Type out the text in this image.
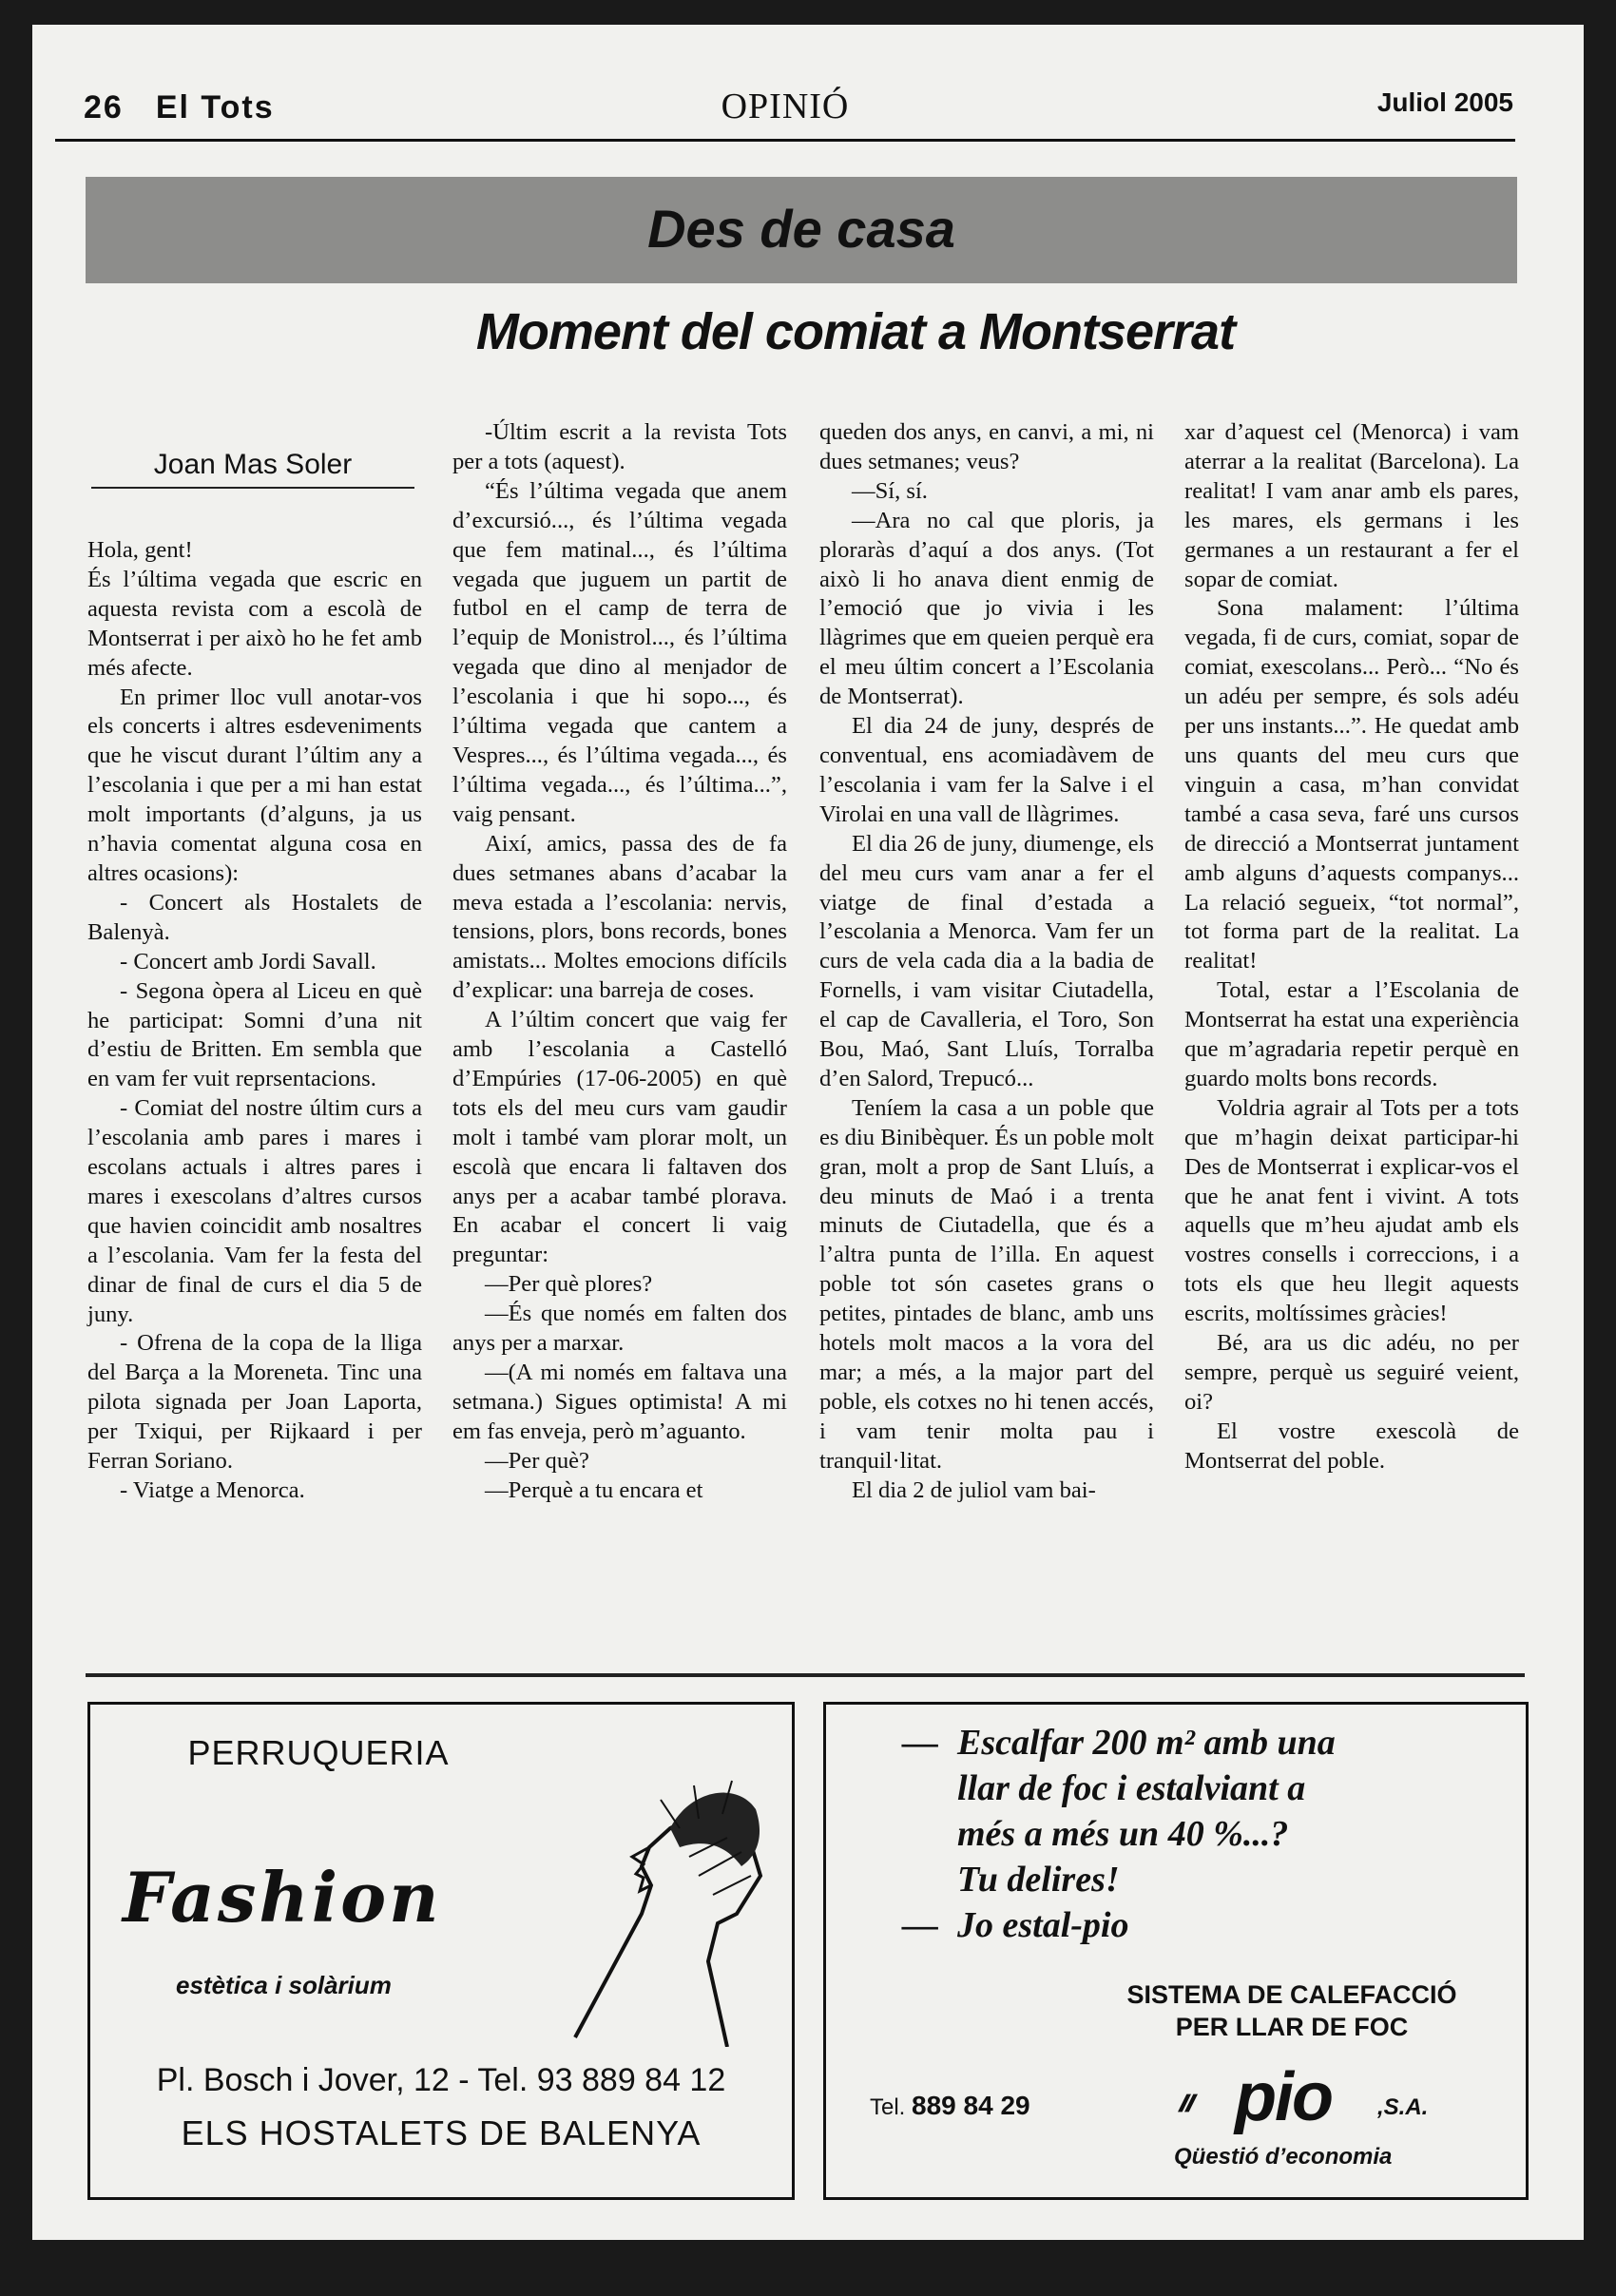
26 El Tots	OPINIÓ	Juliol 2005
Des de casa
Moment del comiat a Montserrat
Joan Mas Soler

Hola, gent!

És l’última vegada que escric en aquesta revista com a escolà de Montserrat i per això ho he fet amb més afecte.

En primer lloc vull anotar-vos els concerts i altres esdeveniments que he viscut durant l’últim any a l’escolania i que per a mi han estat molt importants (d’alguns, ja us n’havia comentat alguna cosa en altres ocasions):

- Concert als Hostalets de Balenyà.

- Concert amb Jordi Savall.

- Segona òpera al Liceu en què he participat: Somni d’una nit d’estiu de Britten. Em sembla que en vam fer vuit reprsentacions.

- Comiat del nostre últim curs a l’escolania amb pares i mares i escolans actuals i altres pares i mares i exescolans d’altres cursos que havien coincidit amb nosaltres a l’escolania. Vam fer la festa del dinar de final de curs el dia 5 de juny.

- Ofrena de la copa de la lliga del Barça a la Moreneta. Tinc una pilota signada per Joan Laporta, per Txiqui, per Rijkaard i per Ferran Soriano.

- Viatge a Menorca.

-Últim escrit a la revista Tots per a tots (aquest).

“És l’última vegada que anem d’excursió..., és l’última vegada que fem matinal..., és l’última vegada que juguem un partit de futbol en el camp de terra de l’equip de Monistrol..., és l’última vegada que dino al menjador de l’escolania i que hi sopo..., és l’última vegada que cantem a Vespres..., és l’última vegada..., és l’última vegada..., és l’última...”, vaig pensant.

Així, amics, passa des de fa dues setmanes abans d’acabar la meva estada a l’escolania: nervis, tensions, plors, bons records, bones amistats... Moltes emocions difícils d’explicar: una barreja de coses.

A l’últim concert que vaig fer amb l’escolania a Castelló d’Empúries (17-06-2005) en què tots els del meu curs vam gaudir molt i també vam plorar molt, un escolà que encara li faltaven dos anys per a acabar també plorava. En acabar el concert li vaig preguntar:

—Per què plores?

—És que només em falten dos anys per a marxar.

—(A mi només em faltava una setmana.) Sigues optimista! A mi em fas enveja, però m’aguanto.

—Per què?

—Perquè a tu encara et

queden dos anys, en canvi, a mi, ni dues setmanes; veus?

—Sí, sí.

—Ara no cal que ploris, ja ploraràs d’aquí a dos anys. (Tot això li ho anava dient enmig de l’emoció que jo vivia i les llàgrimes que em queien perquè era el meu últim concert a l’Escolania de Montserrat).

El dia 24 de juny, després de conventual, ens acomiadàvem de l’escolania i vam fer la Salve i el Virolai en una vall de llàgrimes.

El dia 26 de juny, diumenge, els del meu curs vam anar a fer el viatge de final d’estada a l’escolania a Menorca. Vam fer un curs de vela cada dia a la badia de Fornells, i vam visitar Ciutadella, el cap de Cavalleria, el Toro, Son Bou, Maó, Sant Lluís, Torralba d’en Salord, Trepucó...

Teníem la casa a un poble que es diu Binibèquer. És un poble molt gran, molt a prop de Sant Lluís, a deu minuts de Maó i a trenta minuts de Ciutadella, que és a l’altra punta de l’illa. En aquest poble tot són casetes grans o petites, pintades de blanc, amb uns hotels molt macos a la vora del mar; a més, a la major part del poble, els cotxes no hi tenen accés, i vam tenir molta pau i tranquil·litat.

El dia 2 de juliol vam bai-

xar d’aquest cel (Menorca) i vam aterrar a la realitat (Barcelona). La realitat! I vam anar amb els pares, les mares, els germans i les germanes a un restaurant a fer el sopar de comiat.

Sona malament: l’última vegada, fi de curs, comiat, sopar de comiat, exescolans... Però... “No és un adéu per sempre, és sols adéu per uns instants...”. He quedat amb uns quants del meu curs que vinguin a casa, m’han convidat també a casa seva, faré uns cursos de direcció a Montserrat juntament amb alguns d’aquests companys... La relació segueix, “tot normal”, tot forma part de la realitat. La realitat!

Total, estar a l’Escolania de Montserrat ha estat una experiència que m’agradaria repetir perquè en guardo molts bons records.

Voldria agrair al Tots per a tots que m’hagin deixat participar-hi Des de Montserrat i explicar-vos el que he anat fent i vivint. A tots aquells que m’heu ajudat amb els vostres consells i correccions, i a tots els que heu llegit aquests escrits, moltíssimes gràcies!

Bé, ara us dic adéu, no per sempre, perquè us seguiré veient, oi?

El vostre exescolà de Montserrat del poble.

PERRUQUERIA
Fashion
estètica i solàrium
Pl. Bosch i Jover, 12 - Tel. 93 889 84 12
ELS HOSTALETS DE BALENYA
— Escalfar 200 m² amb una
llar de foc i estalviant a
més a més un 40 %...?
Tu delires!
— Jo estal-pio
SISTEMA DE CALEFACCIÓ
PER LLAR DE FOC
Tel. 889 84 29	pio ,S.A.
Qüestió d’economia
